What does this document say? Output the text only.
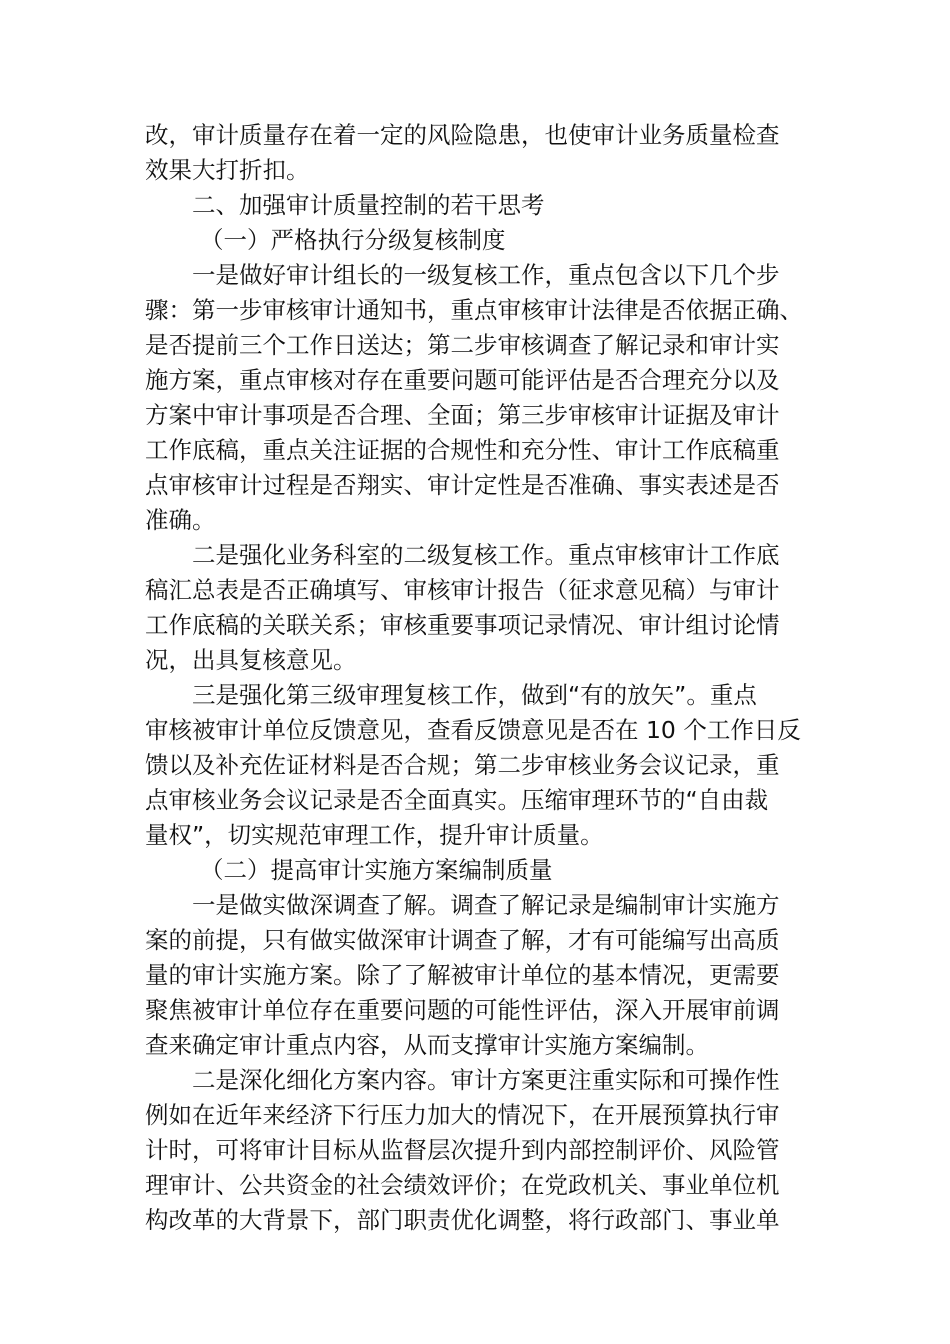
改，审计质量存在着一定的风险隐患，也使审计业务质量检查
效果大打折扣。
二、加强审计质量控制的若干思考
（一）严格执行分级复核制度
一是做好审计组长的一级复核工作，重点包含以下几个步
骤：第一步审核审计通知书，重点审核审计法律是否依据正确、
是否提前三个工作日送达；第二步审核调查了解记录和审计实
施方案，重点审核对存在重要问题可能评估是否合理充分以及
方案中审计事项是否合理、全面；第三步审核审计证据及审计
工作底稿，重点关注证据的合规性和充分性、审计工作底稿重
点审核审计过程是否翔实、审计定性是否准确、事实表述是否
准确。
二是强化业务科室的二级复核工作。重点审核审计工作底
稿汇总表是否正确填写、审核审计报告（征求意见稿）与审计
工作底稿的关联关系；审核重要事项记录情况、审计组讨论情
况，出具复核意见。
三是强化第三级审理复核工作，做到“有的放矢”。重点
审核被审计单位反馈意见，查看反馈意见是否在 10 个工作日反
馈以及补充佐证材料是否合规；第二步审核业务会议记录，重
点审核业务会议记录是否全面真实。压缩审理环节的“自由裁
量权”，切实规范审理工作，提升审计质量。
（二）提高审计实施方案编制质量
一是做实做深调查了解。调查了解记录是编制审计实施方
案的前提，只有做实做深审计调查了解，才有可能编写出高质
量的审计实施方案。除了了解被审计单位的基本情况，更需要
聚焦被审计单位存在重要问题的可能性评估，深入开展审前调
查来确定审计重点内容，从而支撑审计实施方案编制。
二是深化细化方案内容。审计方案更注重实际和可操作性
例如在近年来经济下行压力加大的情况下，在开展预算执行审
计时，可将审计目标从监督层次提升到内部控制评价、风险管
理审计、公共资金的社会绩效评价；在党政机关、事业单位机
构改革的大背景下，部门职责优化调整，将行政部门、事业单
